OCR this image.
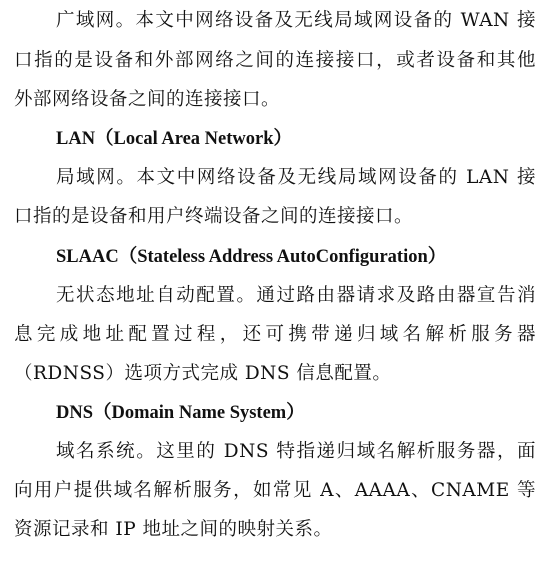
广域网。本文中网络设备及无线局域网设备的 WAN 接
口指的是设备和外部网络之间的连接接口，或者设备和其他
外部网络设备之间的连接接口。
LAN（Local Area Network）
局域网。本文中网络设备及无线局域网设备的 LAN 接
口指的是设备和用户终端设备之间的连接接口。
SLAAC（Stateless Address AutoConfiguration）
无状态地址自动配置。通过路由器请求及路由器宣告消
息完成地址配置过程，还可携带递归域名解析服务器
（RDNSS）选项方式完成 DNS 信息配置。
DNS（Domain Name System）
域名系统。这里的 DNS 特指递归域名解析服务器，面
向用户提供域名解析服务，如常见 A、AAAA、CNAME 等
资源记录和 IP 地址之间的映射关系。
